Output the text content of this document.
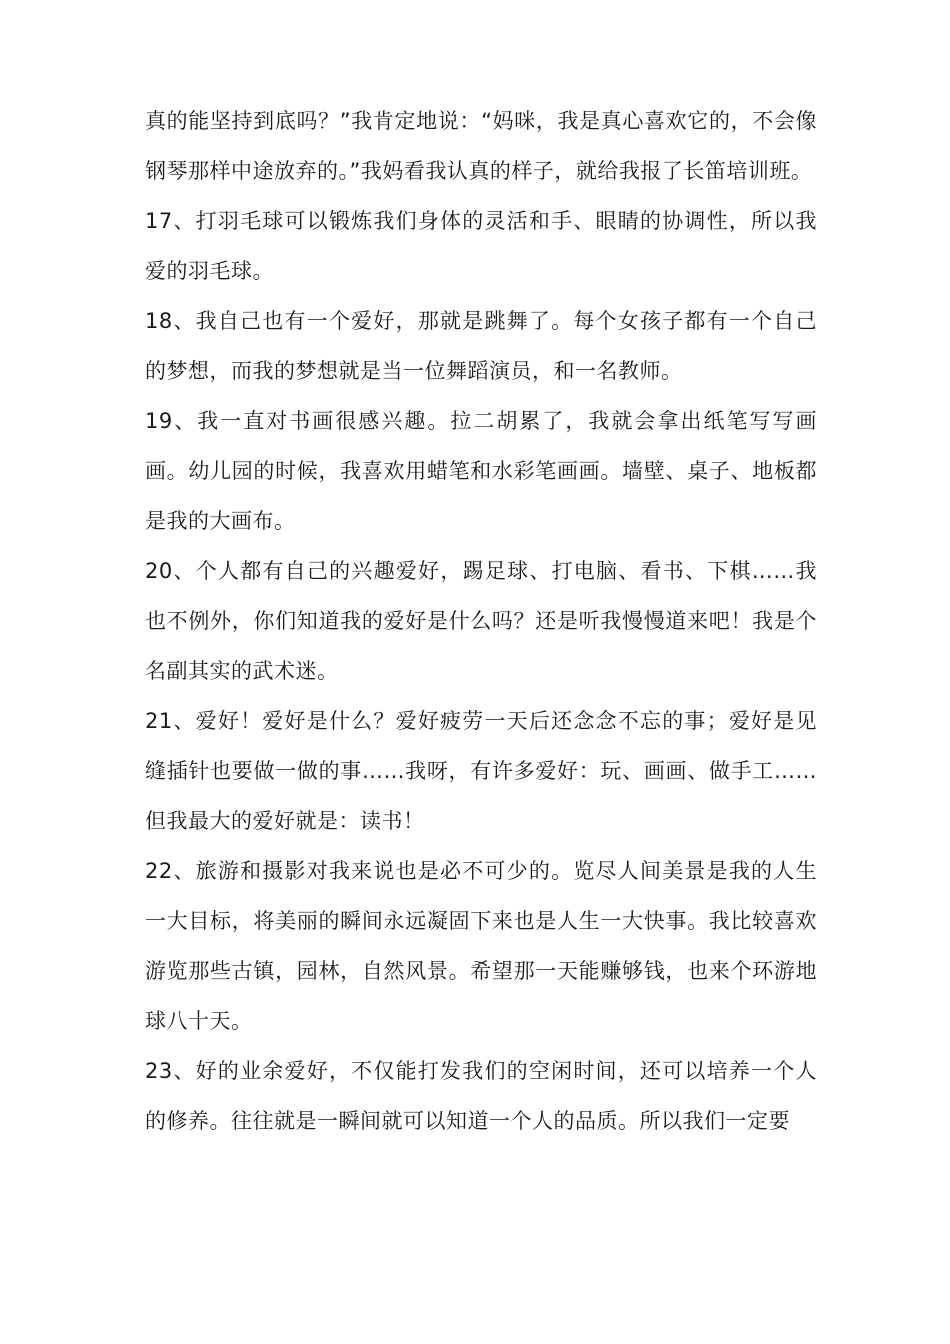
真的能坚持到底吗？”我肯定地说：“妈咪，我是真心喜欢它的，不会像钢琴那样中途放弃的。”我妈看我认真的样子，就给我报了长笛培训班。

17、打羽毛球可以锻炼我们身体的灵活和手、眼睛的协调性，所以我爱的羽毛球。

18、我自己也有一个爱好，那就是跳舞了。每个女孩子都有一个自己的梦想，而我的梦想就是当一位舞蹈演员，和一名教师。

19、我一直对书画很感兴趣。拉二胡累了，我就会拿出纸笔写写画画。幼儿园的时候，我喜欢用蜡笔和水彩笔画画。墙壁、桌子、地板都是我的大画布。

20、个人都有自己的兴趣爱好，踢足球、打电脑、看书、下棋……我也不例外，你们知道我的爱好是什么吗？还是听我慢慢道来吧！我是个名副其实的武术迷。

21、爱好！爱好是什么？爱好疲劳一天后还念念不忘的事；爱好是见缝插针也要做一做的事……我呀，有许多爱好：玩、画画、做手工……但我最大的爱好就是：读书！

22、旅游和摄影对我来说也是必不可少的。览尽人间美景是我的人生一大目标，将美丽的瞬间永远凝固下来也是人生一大快事。我比较喜欢游览那些古镇，园林，自然风景。希望那一天能赚够钱，也来个环游地球八十天。

23、好的业余爱好，不仅能打发我们的空闲时间，还可以培养一个人的修养。往往就是一瞬间就可以知道一个人的品质。所以我们一定要
